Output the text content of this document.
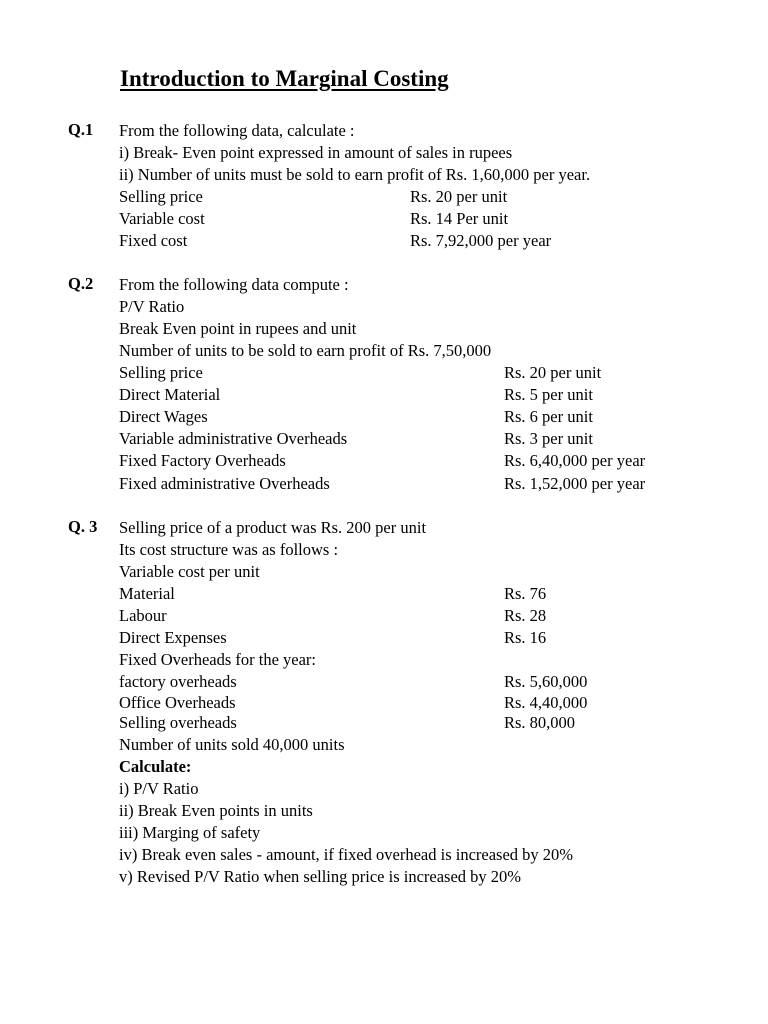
Introduction to Marginal Costing
Q.1 From the following data, calculate :
i) Break- Even point expressed in amount of sales in rupees
ii) Number of units must be sold to earn profit of Rs. 1,60,000 per year.
Selling price	Rs. 20 per unit
Variable cost	Rs. 14 Per unit
Fixed cost	Rs. 7,92,000 per year
Q.2 From the following data compute :
P/V Ratio
Break Even point in rupees and unit
Number of units to be sold to earn profit of Rs. 7,50,000
Selling price	Rs. 20 per unit
Direct Material	Rs. 5 per unit
Direct Wages	Rs. 6 per unit
Variable administrative Overheads	Rs. 3 per unit
Fixed Factory Overheads	Rs. 6,40,000 per year
Fixed administrative Overheads	Rs. 1,52,000 per year
Q. 3 Selling price of a product was Rs. 200 per unit
Its cost structure was as follows :
Variable cost per unit
Material	Rs. 76
Labour	Rs. 28
Direct Expenses	Rs. 16
Fixed Overheads for the year:
factory overheads	Rs. 5,60,000
Office Overheads	Rs. 4,40,000
Selling overheads	Rs. 80,000
Number of units sold 40,000 units
Calculate:
i) P/V Ratio
ii) Break Even points in units
iii) Marging of safety
iv) Break even sales - amount, if fixed overhead is increased by 20%
v) Revised P/V Ratio when selling price is increased by 20%
